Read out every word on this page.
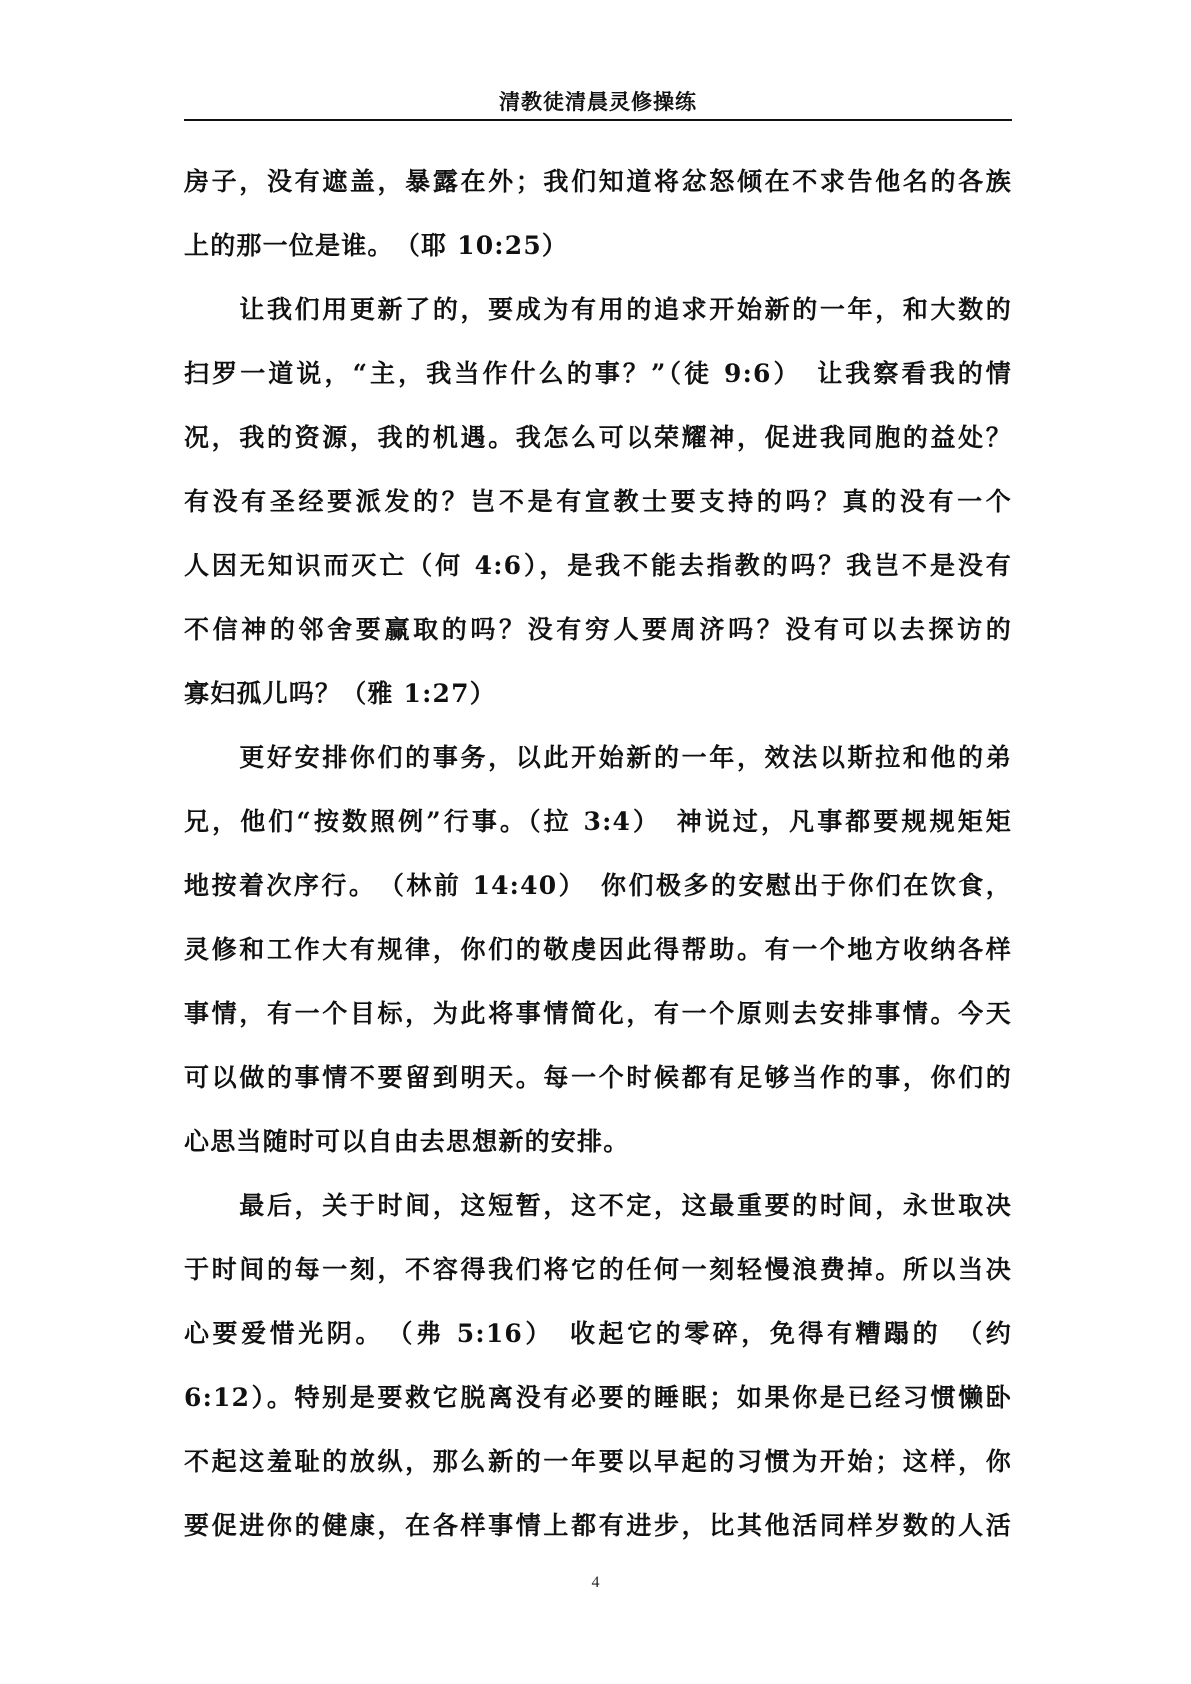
清教徒清晨灵修操练
房子，没有遮盖，暴露在外；我们知道将忿怒倾在不求告他名的各族
上的那一位是谁。　（耶 10:25）
　　让我们用更新了的，要成为有用的追求开始新的一年，和大数的
扫罗一道说，“主，我当作什么的事？”（徒 9:6）　让我察看我的情
况，我的资源，我的机遇。我怎么可以荣耀神，促进我同胞的益处？
有没有圣经要派发的？岂不是有宣教士要支持的吗？真的没有一个
人因无知识而灭亡（何 4:6），是我不能去指教的吗？我岂不是没有
不信神的邻舍要赢取的吗？没有穷人要周济吗？没有可以去探访的
寡妇孤儿吗？（雅 1:27）
　　更好安排你们的事务，以此开始新的一年，效法以斯拉和他的弟
兄，他们“按数照例”行事。（拉 3:4）　神说过，凡事都要规规矩矩
地按着次序行。　（林前 14:40）　你们极多的安慰出于你们在饮食，
灵修和工作大有规律，你们的敬虔因此得帮助。有一个地方收纳各样
事情，有一个目标，为此将事情简化，有一个原则去安排事情。今天
可以做的事情不要留到明天。每一个时候都有足够当作的事，你们的
心思当随时可以自由去思想新的安排。
　　最后，关于时间，这短暂，这不定，这最重要的时间，永世取决
于时间的每一刻，不容得我们将它的任何一刻轻慢浪费掉。所以当决
心要爱惜光阴。　（弗 5:16）　收起它的零碎，免得有糟蹋的　（约
6:12）。特别是要救它脱离没有必要的睡眠；如果你是已经习惯懒卧
不起这羞耻的放纵，那么新的一年要以早起的习惯为开始；这样，你
要促进你的健康，在各样事情上都有进步，比其他活同样岁数的人活
4
